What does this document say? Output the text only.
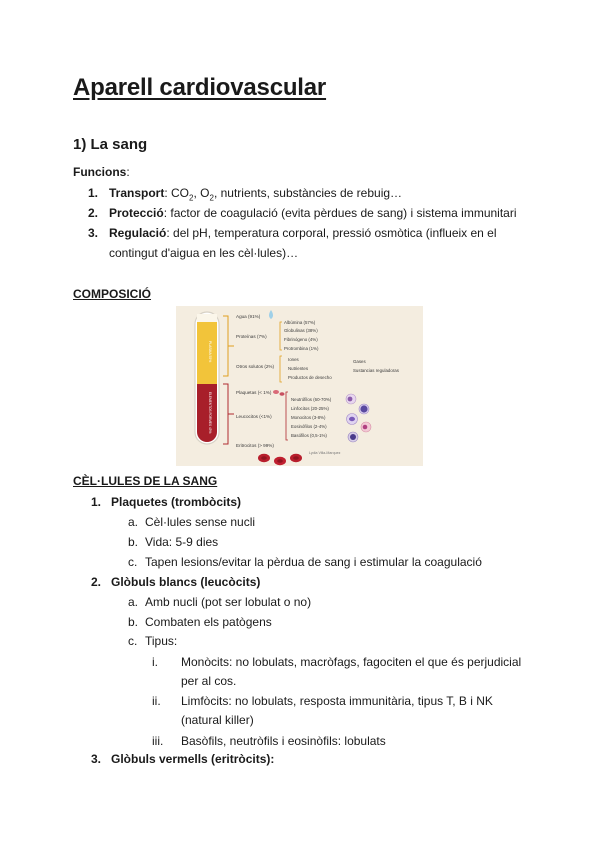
Aparell cardiovascular
1) La sang
Funcions:
1. Transport: $CO_2$, $O_2$, nutrients, substàncies de rebuig…
2. Protecció: factor de coagulació (evita pèrdues de sang) i sistema immunitari
3. Regulació: del pH, temperatura corporal, pressió osmòtica (influeix en el contingut d'aigua en les cèl·lules)…
COMPOSICIÓ
PLASMA 55%
ELEMENTOS FORMES 45%
Agua (91%)
Proteínas (7%)
Otros solutos (2%)
Plaquetas (< 1%)
Leucocitos (<1%)
Eritrocitos (> 99%)
Albúmina (57%)
Globulinas (38%)
Fibrinógeno (4%)
Protrombina (1%)
Iones
Nutrientes
Productos de desecho
Gases
Sustancias reguladoras
Neutrófilos (60-70%)
Linfocitos (20-25%)
Monocitos (3-8%)
Eosinófilos (2-4%)
Basófilos (0,5-1%)
Lydia Villa-Marquez
CÈL·LULES DE LA SANG
1. Plaquetes (trombòcits)
a. Cèl·lules sense nucli
b. Vida: 5-9 dies
c. Tapen lesions/evitar la pèrdua de sang i estimular la coagulació
2. Glòbuls blancs (leucòcits)
a. Amb nucli (pot ser lobulat o no)
b. Combaten els patògens
c. Tipus:
i.	Monòcits: no lobulats, macròfags, fagociten el que és perjudicial per al cos.
ii.	Limfòcits: no lobulats, resposta immunitària, tipus T, B i NK (natural killer)
iii.	Basòfils, neutròfils i eosinòfils: lobulats
3. Glòbuls vermells (eritròcits):
